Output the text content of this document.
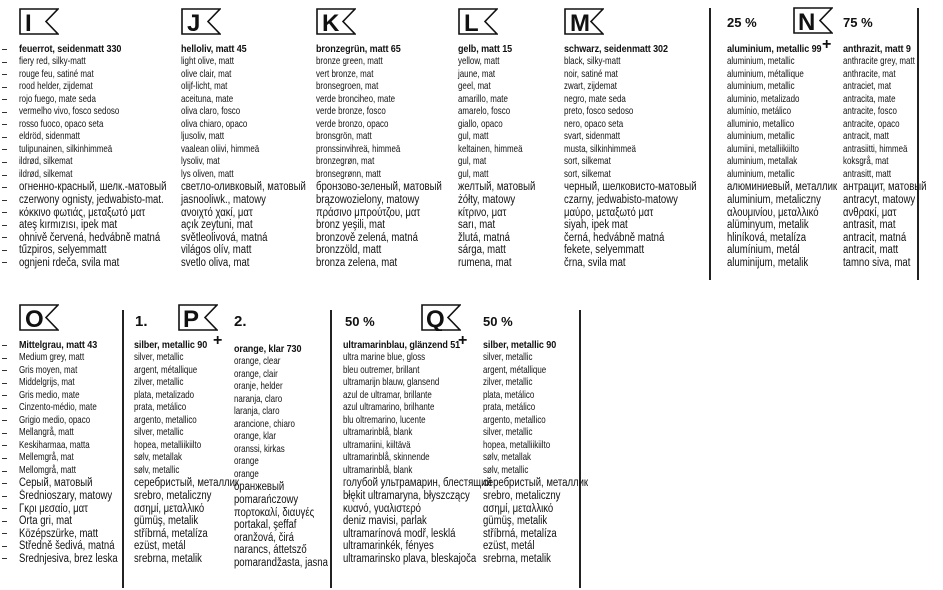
I
feuerrot, seidenmatt 330
fiery red, silky-matt
rouge feu, satiné mat
rood helder, zijdemat
rojo fuego, mate seda
vermelho vivo, fosco sedoso
rosso fuoco, opaco seta
eldröd, sidenmatt
tulipunainen, silkinhimmeä
ildrød, silkemat
ildrød, silkemat
огненно-красный, шелк.-матовый
czerwony ognisty, jedwabisto-mat.
κόκκινο φωτιάς, μεταξωτό ματ
ateş kırmızısı, ipek mat
ohnivě červená, hedvábně matná
tűzpiros, selyemmatt
ognjeni rdeča, svila mat
J
helloliv, matt 45
light olive, matt
olive clair, mat
olijf-licht, mat
aceituna, mate
oliva claro, fosco
oliva chiaro, opaco
ljusoliv, matt
vaalean oliivi, himmeä
lysoliv, mat
lys oliven, matt
светло-оливковый, матовый
jasnooliwk., matowy
ανοιχτό χακί, ματ
açık zeytuni, mat
světleolivová, matná
világos olív, matt
svetlo oliva, mat
K
bronzegrün, matt 65
bronze green, matt
vert bronze, mat
bronsegroen, mat
verde bronciheo, mate
verde bronze, fosco
verde bronzo, opaco
bronsgrön, matt
pronssinvihreä, himmeä
bronzegrøn, mat
bronsegrønn, matt
бронзово-зеленый, матовый
brązowozielony, matowy
πράσινο μπρούτζου, ματ
bronz yeşili, mat
bronzově zelená, matná
bronzzöld, matt
bronza zelena, mat
L
gelb, matt 15
yellow, matt
jaune, mat
geel, mat
amarillo, mate
amarelo, fosco
giallo, opaco
gul, matt
keltainen, himmeä
gul, mat
gul, matt
желтый, матовый
żółty, matowy
κίτρινο, ματ
sarı, mat
žlutá, matná
sárga, matt
rumena, mat
M
schwarz, seidenmatt 302
black, silky-matt
noir, satiné mat
zwart, zijdemat
negro, mate seda
preto, fosco sedoso
nero, opaco seta
svart, sidenmatt
musta, silkinhimmeä
sort, silkemat
sort, silkemat
черный, шелковисто-матовый
czarny, jedwabisto-matowy
μαύρο, μεταξωτό ματ
siyah, ipek mat
černá, hedvábně matná
fekete, selyemmatt
črna, svila mat
O
Mittelgrau, matt 43
Medium grey, matt
Gris moyen, mat
Middelgrijs, mat
Gris medio, mate
Cinzento-médio, mate
Grigio medio, opaco
Mellangrå, matt
Keskiharmaa, matta
Mellemgrå, mat
Mellomgrå, matt
Серый, матовый
Średnioszary, matowy
Γκρι μεσαίο, ματ
Orta gri, mat
Középszürke, matt
Středně šedivá, matná
Srednjesiva, brez leska
25 % N 75 %
+
aluminium, metallic 99
aluminium, metallic
aluminium, métallique
aluminium, metallic
aluminio, metalizado
alumínio, metálico
alluminio, metallico
aluminium, metallic
alumiini, metalliikiilto
aluminium, metallak
aluminium, metallic
алюминиевый, металлик
aluminium, metaliczny
αλουμινίου, μεταλλικό
alüminyum, metalik
hliníková, metalíza
alumínium, metál
aluminijum, metalik
anthrazit, matt 9
anthracite grey, matt
anthracite, mat
antraciet, mat
antracita, mate
antracite, fosco
antracite, opaco
antracit, matt
antrasiitti, himmeä
koksgrå, mat
antrasitt, matt
антрацит, матовый
antracyt, matowy
ανθρακί, ματ
antrasit, mat
antracit, matná
antracit, matt
tamno siva, mat
1. P
+
2.
silber, metallic 90
silver, metallic
argent, métallique
zilver, metallic
plata, metalizado
prata, metálico
argento, metallico
silver, metallic
hopea, metalliikiilto
sølv, metallak
sølv, metallic
серебристый, металлик
srebro, metaliczny
ασημί, μεταλλικό
gümüş, metalik
stříbrná, metalíza
ezüst, metál
srebrna, metalik
orange, klar 730
orange, clear
orange, clair
oranje, helder
naranja, claro
laranja, claro
arancione, chiaro
orange, klar
oranssi, kirkas
orange
orange
оранжевый
pomarańczowy
πορτοκαλί, διαυγές
portakal, şeffaf
oranžová, čirá
narancs, áttetsző
pomarandžasta, jasna
50 % Q
+
50 %
ultramarinblau, glänzend 51
ultra marine blue, gloss
bleu outremer, brillant
ultramarijn blauw, glansend
azul de ultramar, brillante
azul ultramarino, brilhante
blu oltremarino, lucente
ultramarinblå, blank
ultramariini, kiiltävä
ultramarinblå, skinnende
ultramarinblå, blank
голубой ультрамарин, блестящий
błękit ultramaryna, błyszczący
κυανό, γυαλιστερό
deniz mavisi, parlak
ultramarínová modř, lesklá
ultramarinkék, fényes
ultramarinsko plava, bleskajoča
silber, metallic 90
silver, metallic
argent, métallique
zilver, metallic
plata, metálico
prata, metálico
argento, metallico
silver, metallic
hopea, metalliikiilto
sølv, metallak
sølv, metallic
серебристый, металлик
srebro, metaliczny
ασημί, μεταλλικό
gümüş, metalik
stříbrná, metalíza
ezüst, metál
srebrna, metalik
